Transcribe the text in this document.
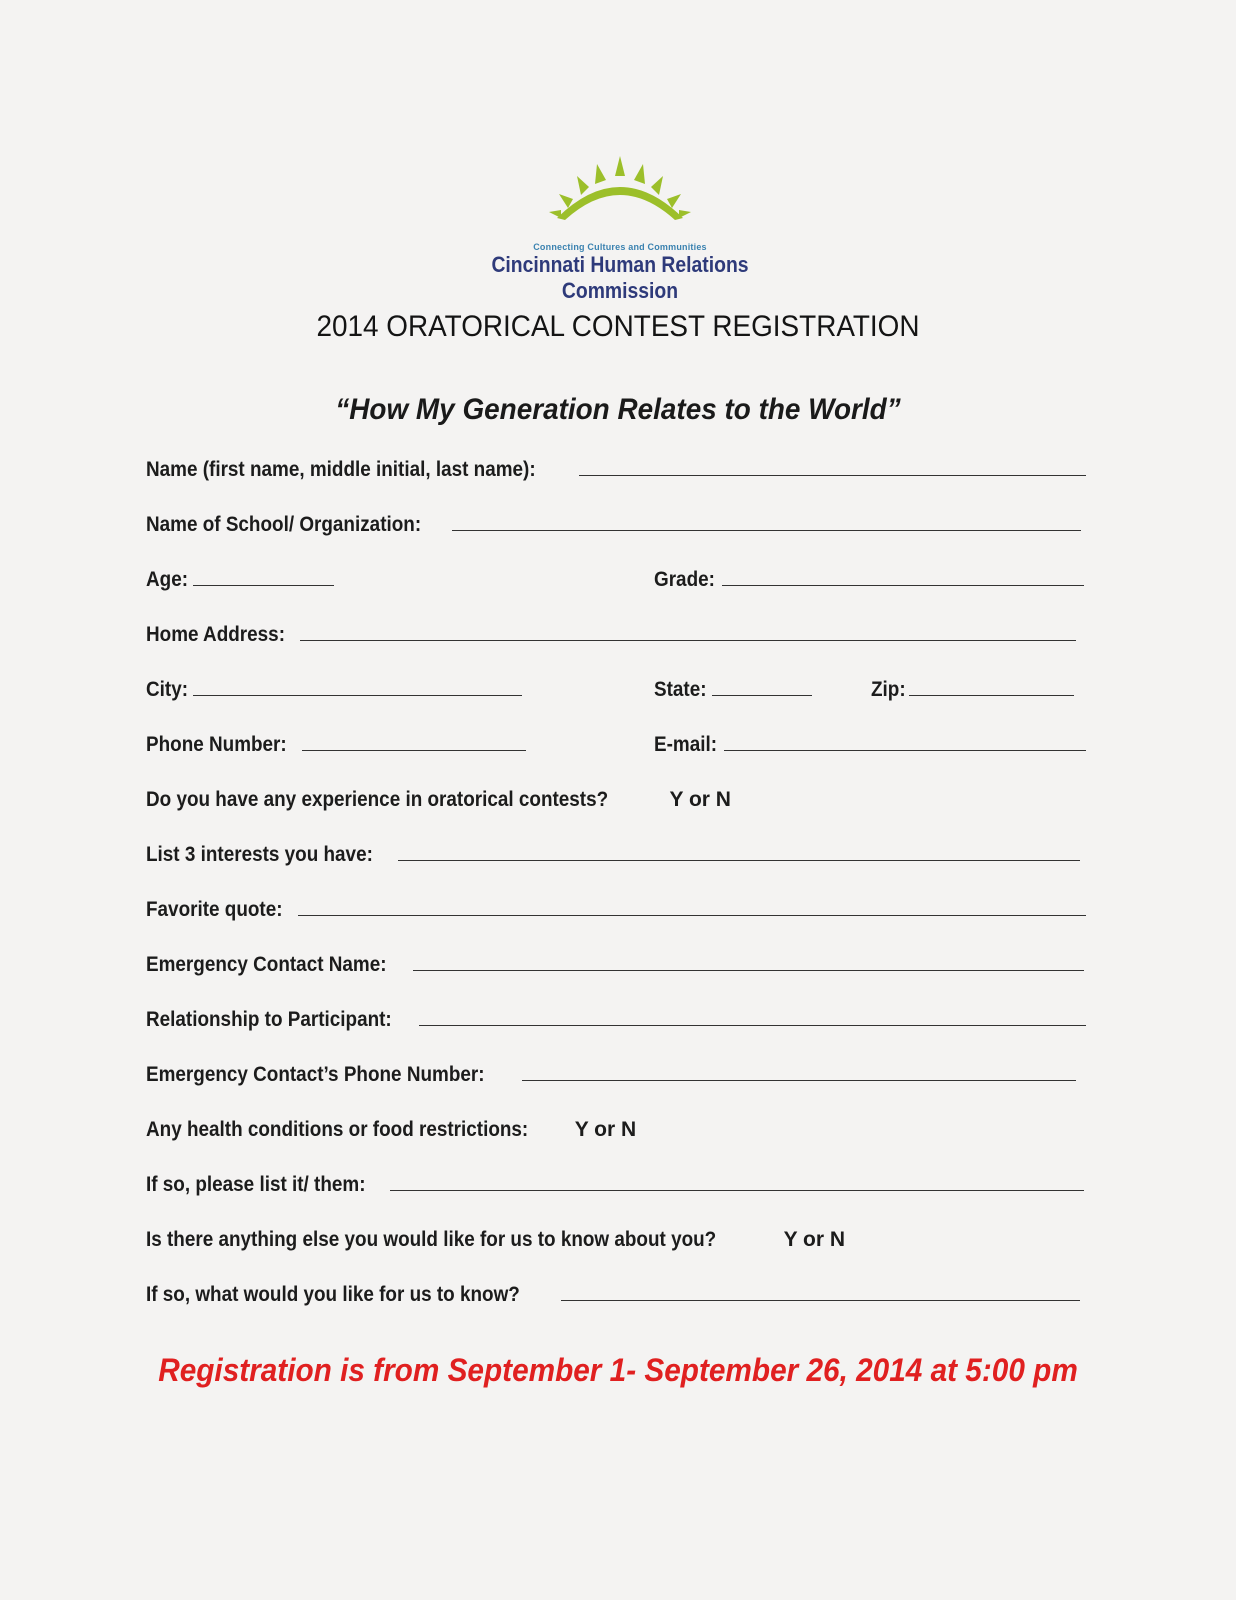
Connecting Cultures and Communities
Cincinnati Human Relations Commission
2014 ORATORICAL CONTEST REGISTRATION
“How My Generation Relates to the World”
Name (first name, middle initial, last name):
Name of School/ Organization:
Age:	Grade:
Home Address:
City:	State:	Zip:
Phone Number:	E-mail:
Do you have any experience in oratorical contests?	Y or N
List 3 interests you have:
Favorite quote:
Emergency Contact Name:
Relationship to Participant:
Emergency Contact’s Phone Number:
Any health conditions or food restrictions: Y or N
If so, please list it/ them:
Is there anything else you would like for us to know about you?	Y or N
If so, what would you like for us to know?
Registration is from September 1- September 26, 2014 at 5:00 pm
